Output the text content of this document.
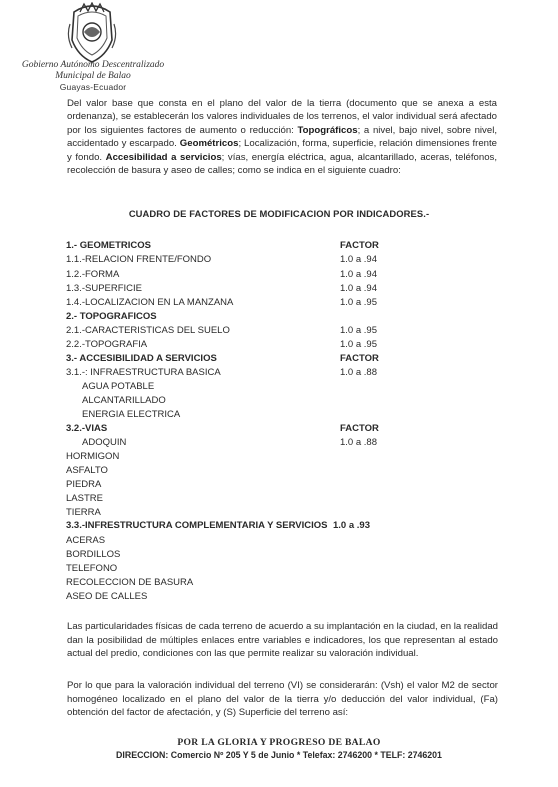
Gobierno Autónomo Descentralizado
Municipal de Balao
Guayas-Ecuador
Del valor base que consta en el plano del valor de la tierra (documento que se anexa a esta ordenanza), se establecerán los valores individuales de los terrenos, el valor individual será afectado por los siguientes factores de aumento o reducción: Topográficos; a nivel, bajo nivel, sobre nivel, accidentado y escarpado. Geométricos; Localización, forma, superficie, relación dimensiones frente y fondo. Accesibilidad a servicios; vías, energía eléctrica, agua, alcantarillado, aceras, teléfonos, recolección de basura y aseo de calles; como se indica en el siguiente cuadro:
CUADRO DE FACTORES DE MODIFICACION POR INDICADORES.-
1.- GEOMETRICOS	FACTOR
1.1.-RELACION FRENTE/FONDO	1.0 a .94
1.2.-FORMA	1.0 a .94
1.3.-SUPERFICIE	1.0 a .94
1.4.-LOCALIZACION EN LA MANZANA	1.0 a .95
2.- TOPOGRAFICOS
2.1.-CARACTERISTICAS DEL SUELO	1.0 a .95
2.2.-TOPOGRAFIA	1.0 a .95
3.- ACCESIBILIDAD A SERVICIOS	FACTOR
3.1.-: INFRAESTRUCTURA BASICA	1.0 a .88
AGUA POTABLE
ALCANTARILLADO
ENERGIA ELECTRICA
3.2.-VIAS	FACTOR
ADOQUIN	1.0 a .88
HORMIGON
ASFALTO
PIEDRA
LASTRE
TIERRA
3.3.-INFRESTRUCTURA COMPLEMENTARIA Y SERVICIOS 1.0 a .93
ACERAS
BORDILLOS
TELEFONO
RECOLECCION DE BASURA
ASEO DE CALLES
Las particularidades físicas de cada terreno de acuerdo a su implantación en la ciudad, en la realidad dan la posibilidad de múltiples enlaces entre variables e indicadores, los que representan al estado actual del predio, condiciones con las que permite realizar su valoración individual.
Por lo que para la valoración individual del terreno (VI) se considerarán: (Vsh) el valor M2 de sector homogéneo localizado en el plano del valor de la tierra y/o deducción del valor individual, (Fa) obtención del factor de afectación, y (S) Superficie del terreno así:
POR LA GLORIA Y PROGRESO DE BALAO
DIRECCION: Comercio Nº 205 Y 5 de Junio * Telefax: 2746200 * TELF: 2746201
